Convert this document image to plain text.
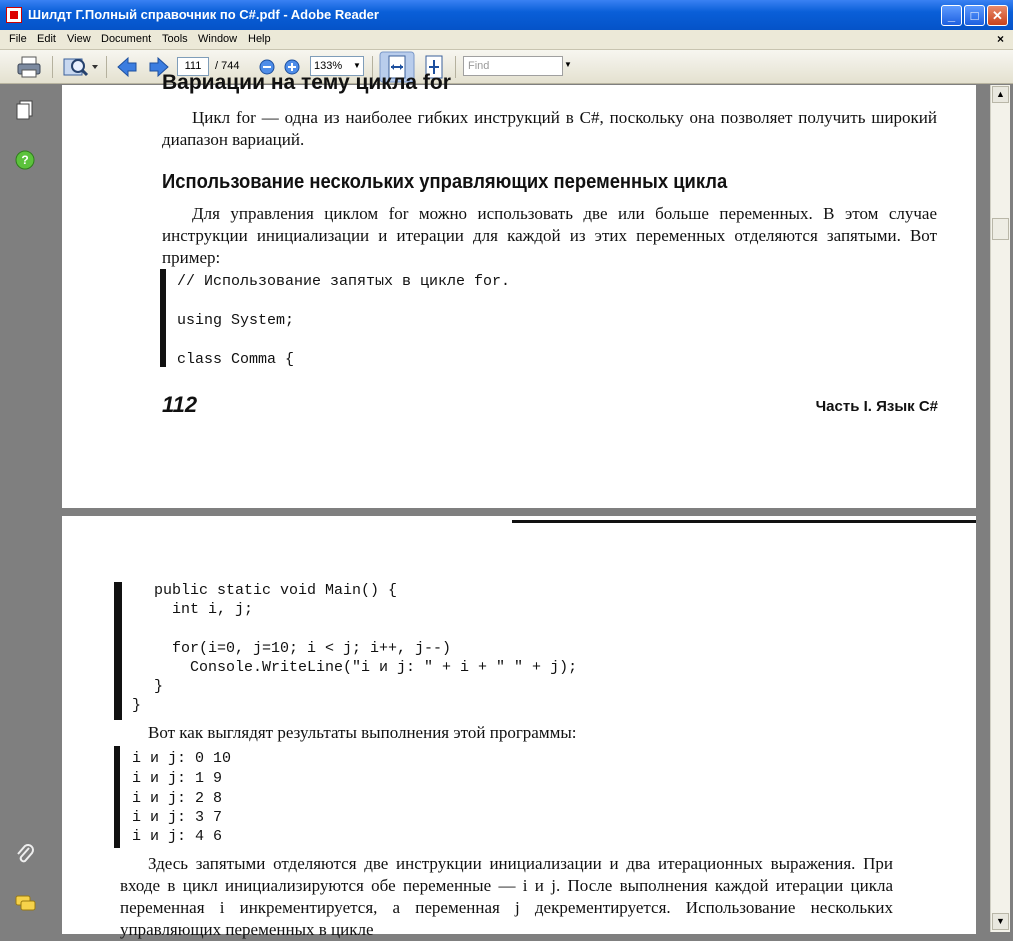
Шилдт Г.Полный справочник по C#.pdf - Adobe Reader	_	□	✕
File Edit View Document Tools Window Help	×
111	/ 744	133% ▼	Find	▼
?
▲
▼
Вариации на тему цикла for
Цикл for — одна из наиболее гибких инструкций в C#, поскольку она позволяет получить широкий диапазон вариаций.
Использование нескольких управляющих переменных цикла
Для управления циклом for можно использовать две или больше переменных. В этом случае инструкции инициализации и итерации для каждой из этих переменных отделяются запятыми. Вот пример:
// Использование запятых в цикле for.
using System;
class Comma {
112	Часть I. Язык C#
public static void Main() {
int i, j;
for(i=0, j=10; i < j; i++, j--)
Console.WriteLine("i и j: " + i + " " + j);
}
}
Вот как выглядят результаты выполнения этой программы:
i и j: 0 10
i и j: 1 9
i и j: 2 8
i и j: 3 7
i и j: 4 6
Здесь запятыми отделяются две инструкции инициализации и два итерационных выражения. При входе в цикл инициализируются обе переменные — i и j. После выполнения каждой итерации цикла переменная i инкрементируется, а переменная j декрементируется. Использование нескольких управляющих переменных в цикле
